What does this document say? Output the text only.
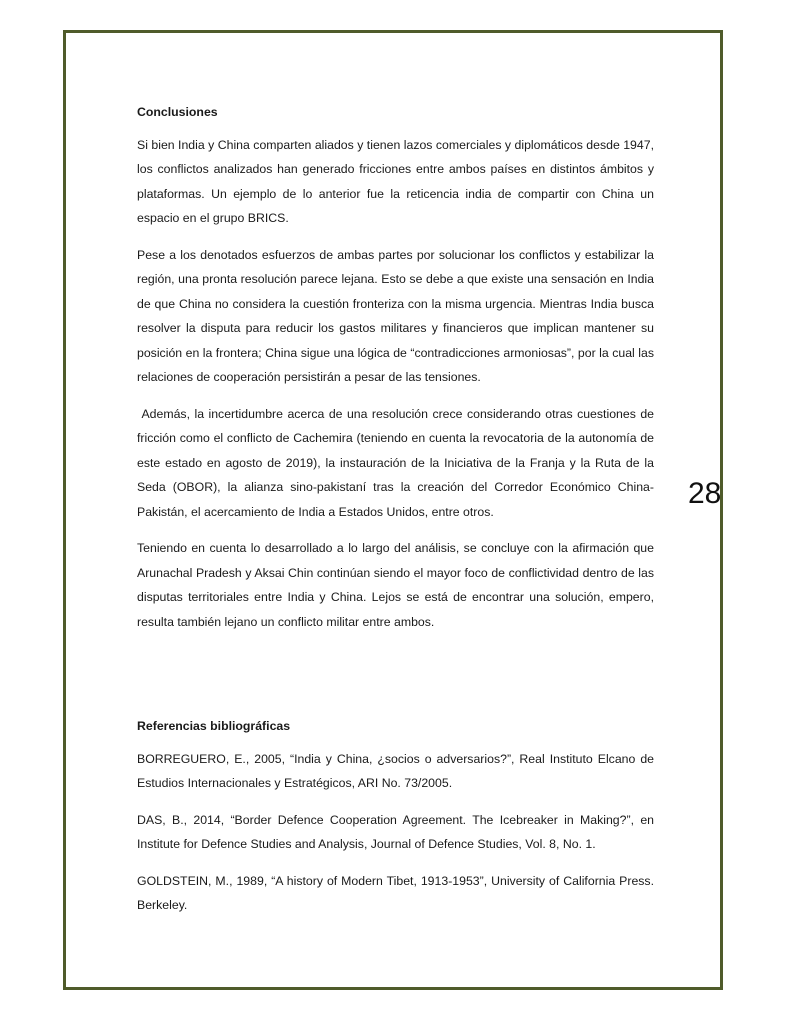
Conclusiones

Si bien India y China comparten aliados y tienen lazos comerciales y diplomáticos desde 1947, los conflictos analizados han generado fricciones entre ambos países en distintos ámbitos y plataformas. Un ejemplo de lo anterior fue la reticencia india de compartir con China un espacio en el grupo BRICS.

Pese a los denotados esfuerzos de ambas partes por solucionar los conflictos y estabilizar la región, una pronta resolución parece lejana. Esto se debe a que existe una sensación en India de que China no considera la cuestión fronteriza con la misma urgencia. Mientras India busca resolver la disputa para reducir los gastos militares y financieros que implican mantener su posición en la frontera; China sigue una lógica de “contradicciones armoniosas”, por la cual las relaciones de cooperación persistirán a pesar de las tensiones.

Además, la incertidumbre acerca de una resolución crece considerando otras cuestiones de fricción como el conflicto de Cachemira (teniendo en cuenta la revocatoria de la autonomía de este estado en agosto de 2019), la instauración de la Iniciativa de la Franja y la Ruta de la Seda (OBOR), la alianza sino-pakistaní tras la creación del Corredor Económico China-Pakistán, el acercamiento de India a Estados Unidos, entre otros.

Teniendo en cuenta lo desarrollado a lo largo del análisis, se concluye con la afirmación que Arunachal Pradesh y Aksai Chin continúan siendo el mayor foco de conflictividad dentro de las disputas territoriales entre India y China. Lejos se está de encontrar una solución, empero, resulta también lejano un conflicto militar entre ambos.

Referencias bibliográficas

BORREGUERO, E., 2005, “India y China, ¿socios o adversarios?”, Real Instituto Elcano de Estudios Internacionales y Estratégicos, ARI No. 73/2005.

DAS, B., 2014, “Border Defence Cooperation Agreement. The Icebreaker in Making?”, en Institute for Defence Studies and Analysis, Journal of Defence Studies, Vol. 8, No. 1.

GOLDSTEIN, M., 1989, “A history of Modern Tibet, 1913-1953”, University of California Press. Berkeley.

28
